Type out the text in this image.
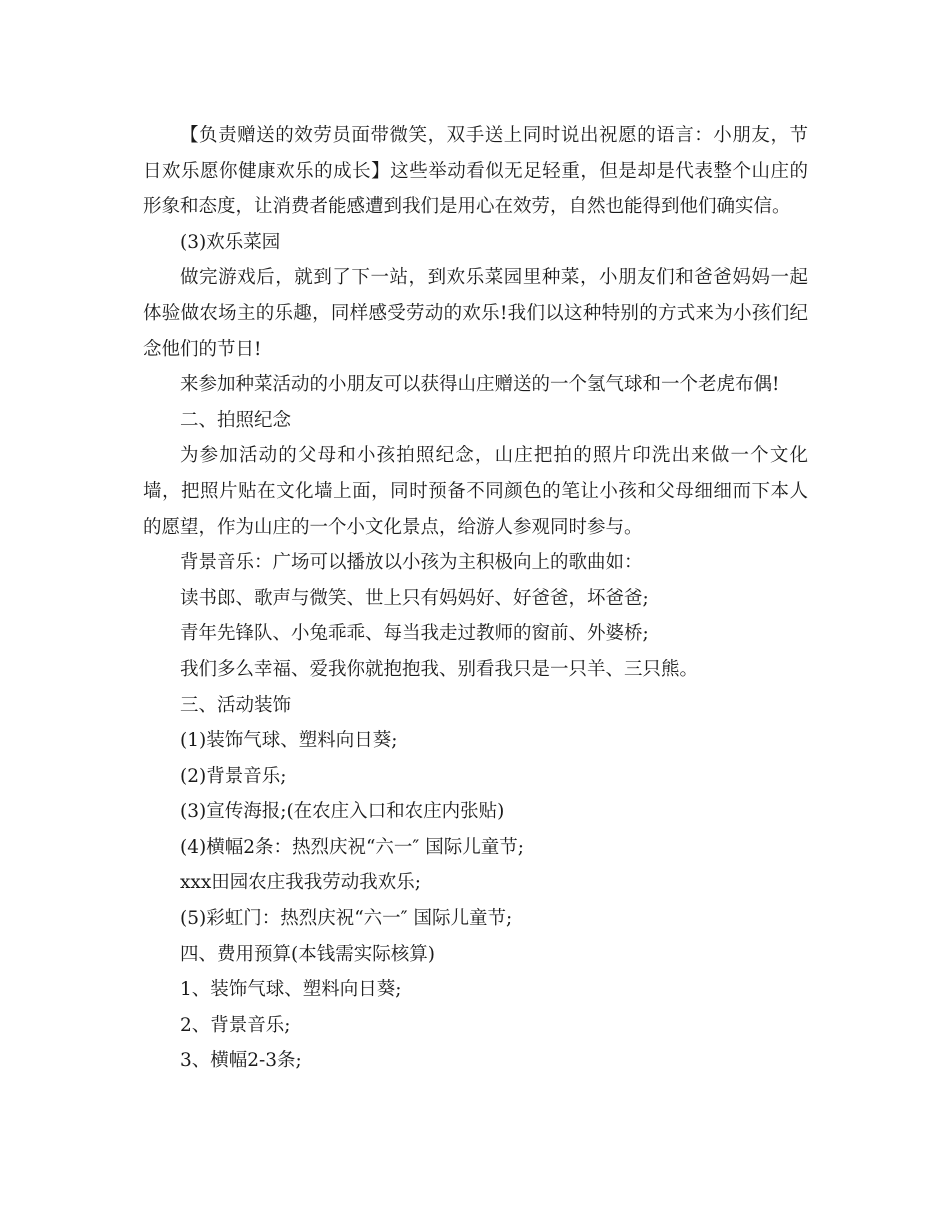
【负责赠送的效劳员面带微笑，双手送上同时说出祝愿的语言：小朋友，节日欢乐愿你健康欢乐的成长】这些举动看似无足轻重，但是却是代表整个山庄的形象和态度，让消费者能感遭到我们是用心在效劳，自然也能得到他们确实信。

(3)欢乐菜园

做完游戏后，就到了下一站，到欢乐菜园里种菜，小朋友们和爸爸妈妈一起体验做农场主的乐趣，同样感受劳动的欢乐!我们以这种特别的方式来为小孩们纪念他们的节日!

来参加种菜活动的小朋友可以获得山庄赠送的一个氢气球和一个老虎布偶!

二、拍照纪念

为参加活动的父母和小孩拍照纪念，山庄把拍的照片印洗出来做一个文化墙，把照片贴在文化墙上面，同时预备不同颜色的笔让小孩和父母细细而下本人的愿望，作为山庄的一个小文化景点，给游人参观同时参与。

背景音乐：广场可以播放以小孩为主积极向上的歌曲如：

读书郎、歌声与微笑、世上只有妈妈好、好爸爸，坏爸爸;

青年先锋队、小兔乖乖、每当我走过教师的窗前、外婆桥;

我们多么幸福、爱我你就抱抱我、别看我只是一只羊、三只熊。

三、活动装饰

(1)装饰气球、塑料向日葵;

(2)背景音乐;

(3)宣传海报;(在农庄入口和农庄内张贴)

(4)横幅2条：热烈庆祝“六一″ 国际儿童节;

xxx田园农庄我我劳动我欢乐;

(5)彩虹门：热烈庆祝“六一″ 国际儿童节;

四、费用预算(本钱需实际核算)

1、装饰气球、塑料向日葵;

2、背景音乐;

3、横幅2-3条;
